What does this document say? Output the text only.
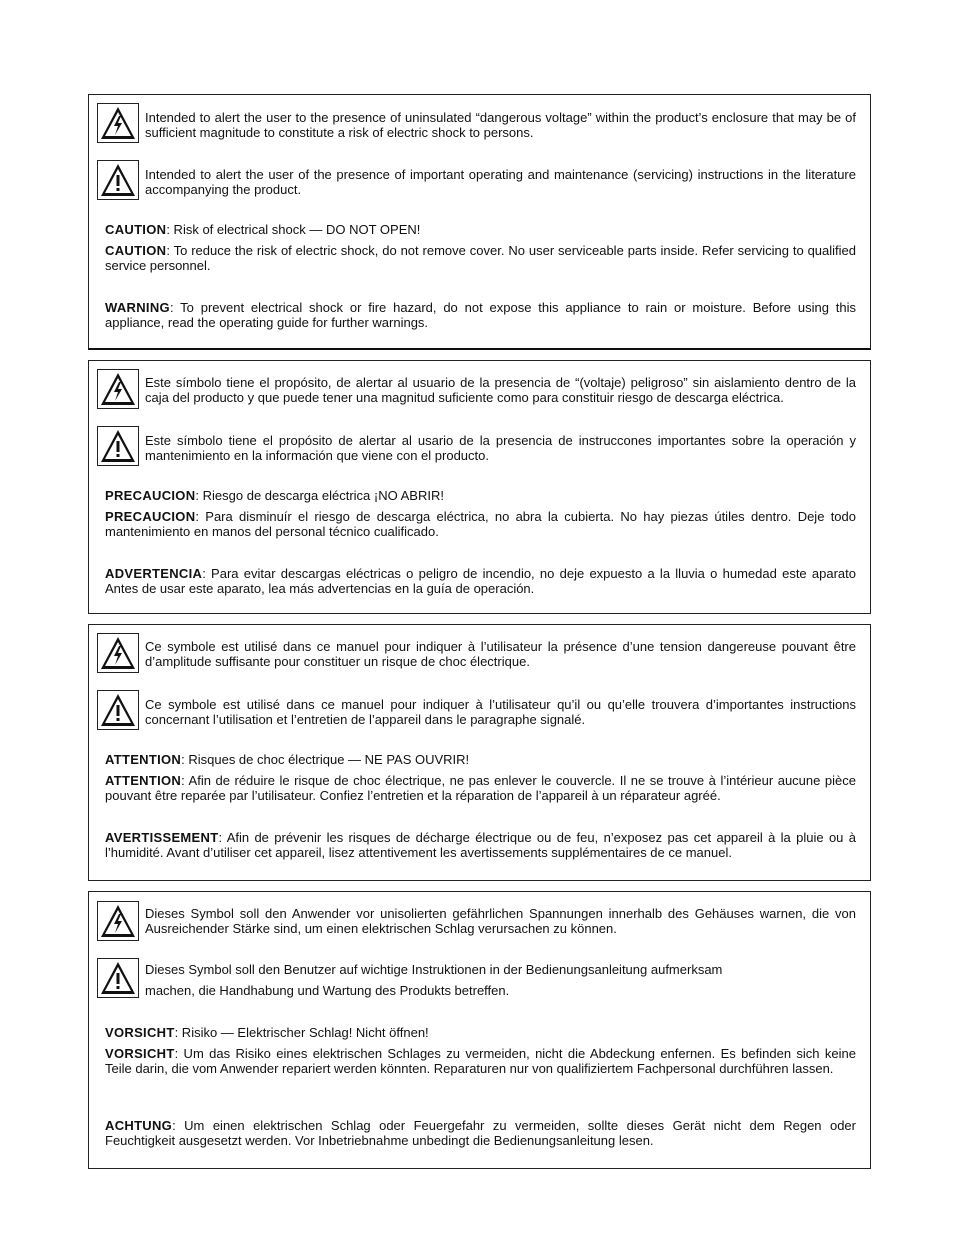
Intended to alert the user to the presence of uninsulated “dangerous voltage” within the product’s enclosure that may be of sufficient magnitude to constitute a risk of electric shock to persons.
Intended to alert the user of the presence of important operating and maintenance (servicing) instructions in the literature accompanying the product.
CAUTION: Risk of electrical shock — DO NOT OPEN!
CAUTION: To reduce the risk of electric shock, do not remove cover. No user serviceable parts inside. Refer servicing to qualified service personnel.
WARNING: To prevent electrical shock or fire hazard, do not expose this appliance to rain or moisture. Before using this appliance, read the operating guide for further warnings.
Este símbolo tiene el propósito, de alertar al usuario de la presencia de “(voltaje) peligroso” sin aislamiento dentro de la caja del producto y que puede tener una magnitud suficiente como para constituir riesgo de descarga eléctrica.
Este símbolo tiene el propósito de alertar al usario de la presencia de instruccones importantes sobre la operación y mantenimiento en la información que viene con el producto.
PRECAUCION: Riesgo de descarga eléctrica ¡NO ABRIR!
PRECAUCION: Para disminuír el riesgo de descarga eléctrica, no abra la cubierta. No hay piezas útiles dentro. Deje todo mantenimiento en manos del personal técnico cualificado.
ADVERTENCIA: Para evitar descargas eléctricas o peligro de incendio, no deje expuesto a la lluvia o humedad este aparato Antes de usar este aparato, lea más advertencias en la guía de operación.
Ce symbole est utilisé dans ce manuel pour indiquer à l’utilisateur la présence d’une tension dangereuse pouvant être d’amplitude suffisante pour constituer un risque de choc électrique.
Ce symbole est utilisé dans ce manuel pour indiquer à l’utilisateur qu’il ou qu’elle trouvera d’importantes instructions concernant l’utilisation et l’entretien de l’appareil dans le paragraphe signalé.
ATTENTION: Risques de choc électrique — NE PAS OUVRIR!
ATTENTION: Afin de réduire le risque de choc électrique, ne pas enlever le couvercle. Il ne se trouve à l’intérieur aucune pièce pouvant être reparée par l’utilisateur. Confiez l’entretien et la réparation de l’appareil à un réparateur agréé.
AVERTISSEMENT: Afin de prévenir les risques de décharge électrique ou de feu, n’exposez pas cet appareil à la pluie ou à l’humidité. Avant d’utiliser cet appareil, lisez attentivement les avertissements supplémentaires de ce manuel.
Dieses Symbol soll den Anwender vor unisolierten gefährlichen Spannungen innerhalb des Gehäuses warnen, die von Ausreichender Stärke sind, um einen elektrischen Schlag verursachen zu können.
Dieses Symbol soll den Benutzer auf wichtige Instruktionen in der Bedienungsanleitung aufmerksam
machen, die Handhabung und Wartung des Produkts betreffen.
VORSICHT: Risiko — Elektrischer Schlag! Nicht öffnen!
VORSICHT: Um das Risiko eines elektrischen Schlages zu vermeiden, nicht die Abdeckung enfernen. Es befinden sich keine Teile darin, die vom Anwender repariert werden könnten. Reparaturen nur von qualifiziertem Fachpersonal durchführen lassen.
ACHTUNG: Um einen elektrischen Schlag oder Feuergefahr zu vermeiden, sollte dieses Gerät nicht dem Regen oder Feuchtigkeit ausgesetzt werden. Vor Inbetriebnahme unbedingt die Bedienungsanleitung lesen.
